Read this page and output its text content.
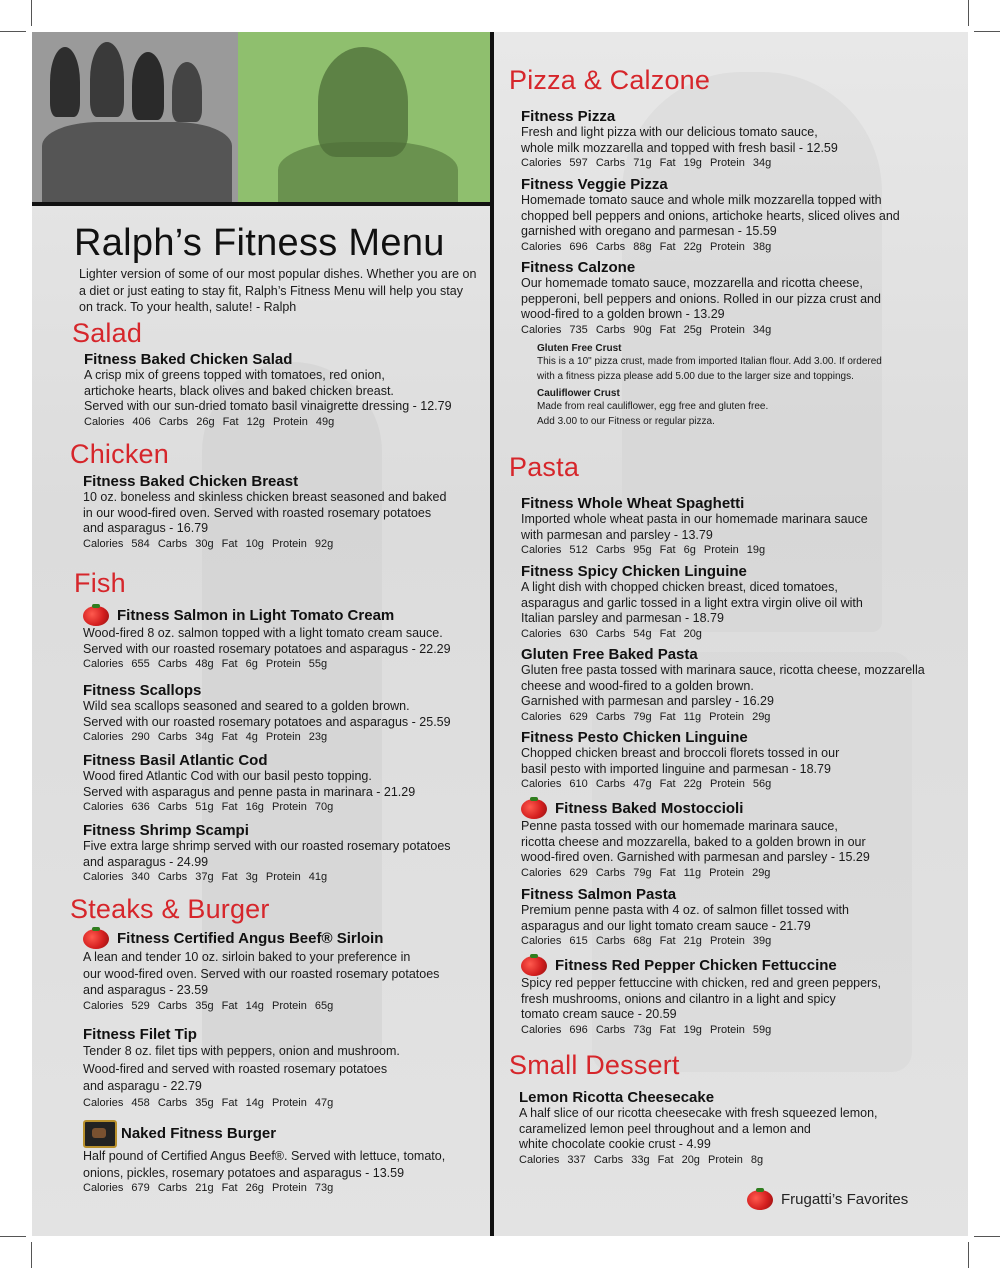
Ralph’s Fitness Menu
Lighter version of some of our most popular dishes. Whether you are on a diet or just eating to stay fit, Ralph’s Fitness Menu will help you stay on track. To your health, salute! - Ralph
Salad
Fitness Baked Chicken Salad
A crisp mix of greens topped with tomatoes, red onion,
artichoke hearts, black olives and baked chicken breast.
Served with our sun-dried tomato basil vinaigrette dressing - 12.79
Calories 406 Carbs 26g Fat 12g Protein 49g
Chicken
Fitness Baked Chicken Breast
10 oz. boneless and skinless chicken breast seasoned and baked
in our wood-fired oven. Served with roasted rosemary potatoes
and asparagus - 16.79
Calories 584 Carbs 30g Fat 10g Protein 92g
Fish
Fitness Salmon in Light Tomato Cream
Wood-fired 8 oz. salmon topped with a light tomato cream sauce.
Served with our roasted rosemary potatoes and asparagus - 22.29
Calories 655 Carbs 48g Fat 6g Protein 55g
Fitness Scallops
Wild sea scallops seasoned and seared to a golden brown.
Served with our roasted rosemary potatoes and asparagus - 25.59
Calories 290 Carbs 34g Fat 4g Protein 23g
Fitness Basil Atlantic Cod
Wood fired Atlantic Cod with our basil pesto topping.
Served with asparagus and penne pasta in marinara - 21.29
Calories 636 Carbs 51g Fat 16g Protein 70g
Fitness Shrimp Scampi
Five extra large shrimp served with our roasted rosemary potatoes
and asparagus - 24.99
Calories 340 Carbs 37g Fat 3g Protein 41g
Steaks & Burger
Fitness Certified Angus Beef® Sirloin
A lean and tender 10 oz. sirloin baked to your preference in
our wood-fired oven. Served with our roasted rosemary potatoes
and asparagus - 23.59
Calories 529 Carbs 35g Fat 14g Protein 65g
Fitness Filet Tip
Tender 8 oz. filet tips with peppers, onion and mushroom.
Wood-fired and served with roasted rosemary potatoes
and asparagu - 22.79
Calories 458 Carbs 35g Fat 14g Protein 47g
Naked Fitness Burger
Half pound of Certified Angus Beef®. Served with lettuce, tomato,
onions, pickles, rosemary potatoes and asparagus - 13.59
Calories 679 Carbs 21g Fat 26g Protein 73g
Pizza & Calzone
Fitness Pizza
Fresh and light pizza with our delicious tomato sauce,
whole milk mozzarella and topped with fresh basil - 12.59
Calories 597 Carbs 71g Fat 19g Protein 34g
Fitness Veggie Pizza
Homemade tomato sauce and whole milk mozzarella topped with
chopped bell peppers and onions, artichoke hearts, sliced olives and
garnished with oregano and parmesan - 15.59
Calories 696 Carbs 88g Fat 22g Protein 38g
Fitness Calzone
Our homemade tomato sauce, mozzarella and ricotta cheese,
pepperoni, bell peppers and onions. Rolled in our pizza crust and
wood-fired to a golden brown - 13.29
Calories 735 Carbs 90g Fat 25g Protein 34g
Gluten Free Crust
This is a 10" pizza crust, made from imported Italian flour. Add 3.00. If ordered
with a fitness pizza please add 5.00 due to the larger size and toppings.
Cauliflower Crust
Made from real cauliflower, egg free and gluten free.
Add 3.00 to our Fitness or regular pizza.
Pasta
Fitness Whole Wheat Spaghetti
Imported whole wheat pasta in our homemade marinara sauce
with parmesan and parsley - 13.79
Calories 512 Carbs 95g Fat 6g Protein 19g
Fitness Spicy Chicken Linguine
A light dish with chopped chicken breast, diced tomatoes,
asparagus and garlic tossed in a light extra virgin olive oil with
Italian parsley and parmesan - 18.79
Calories 630 Carbs 54g Fat 20g
Gluten Free Baked Pasta
Gluten free pasta tossed with marinara sauce, ricotta cheese, mozzarella
cheese and wood-fired to a golden brown.
Garnished with parmesan and parsley - 16.29
Calories 629 Carbs 79g Fat 11g Protein 29g
Fitness Pesto Chicken Linguine
Chopped chicken breast and broccoli florets tossed in our
basil pesto with imported linguine and parmesan - 18.79
Calories 610 Carbs 47g Fat 22g Protein 56g
Fitness Baked Mostoccioli
Penne pasta tossed with our homemade marinara sauce,
ricotta cheese and mozzarella, baked to a golden brown in our
wood-fired oven. Garnished with parmesan and parsley - 15.29
Calories 629 Carbs 79g Fat 11g Protein 29g
Fitness Salmon Pasta
Premium penne pasta with 4 oz. of salmon fillet tossed with
asparagus and our light tomato cream sauce - 21.79
Calories 615 Carbs 68g Fat 21g Protein 39g
Fitness Red Pepper Chicken Fettuccine
Spicy red pepper fettuccine with chicken, red and green peppers,
fresh mushrooms, onions and cilantro in a light and spicy
tomato cream sauce - 20.59
Calories 696 Carbs 73g Fat 19g Protein 59g
Small Dessert
Lemon Ricotta Cheesecake
A half slice of our ricotta cheesecake with fresh squeezed lemon,
caramelized lemon peel throughout and a lemon and
white chocolate cookie crust - 4.99
Calories 337 Carbs 33g Fat 20g Protein 8g
Frugatti’s Favorites
